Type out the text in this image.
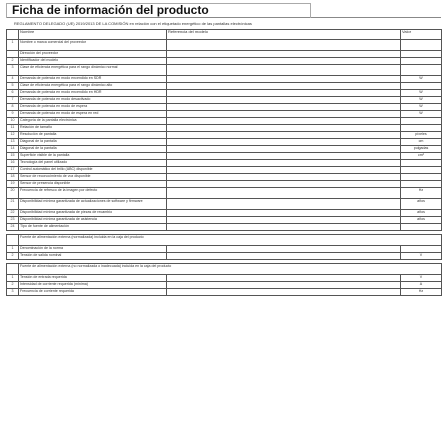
Ficha de información del producto
REGLAMENTO DELEGADO (UE) 2019/2013 DE LA COMISIÓN en relación con el etiquetado energético de las pantallas electrónicas
	Nombre	Referencia del modelo	Valor
1	Nombre o marca comercial del proveedor		
	Dirección del proveedor		
2	Identificador del modelo		
3	Clase de eficiencia energética para el rango dinámico normal		
4	Demanda de potencia en modo encendido en SDR		W
5	Clase de eficiencia energética para el rango dinámico alto		
6	Demanda de potencia en modo encendido en HDR		W
7	Demanda de potencia en modo desactivado		W
8	Demanda de potencia en modo de espera		W
9	Demanda de potencia en modo de espera en red		W
10	Categoría de la pantalla electrónica		
11	Relación de tamaño		
12	Resolución de pantalla		píxeles
13	Diagonal de la pantalla		cm
14	Diagonal de la pantalla		pulgadas
15	Superficie visible de la pantalla		cm²
16	Tecnología del panel utilizado		
17	Control automático del brillo (ABC) disponible		
18	Sensor de reconocimiento de voz disponible		
19	Sensor de presencia disponible		
20	Frecuencia de refresco de la imagen por defecto		Hz
21	Disponibilidad mínima garantizada de actualizaciones de software y firmware		años
22	Disponibilidad mínima garantizada de piezas de recambio		años
23	Disponibilidad mínima garantizada de asistencia		años
24	Tipo de fuente de alimentación		

	Fuente de alimentación externa (normalizada) incluida en la caja del producto		
1	Denominación de la norma		
2	Tensión de salida nominal		V

	Fuente de alimentación externa (no normalizada o inadecuada) incluida en la caja del producto		
1	Tensión de entrada requerida		V
2	Intensidad de corriente requerida (mínima)		A
3	Frecuencia de corriente requerida		Hz
